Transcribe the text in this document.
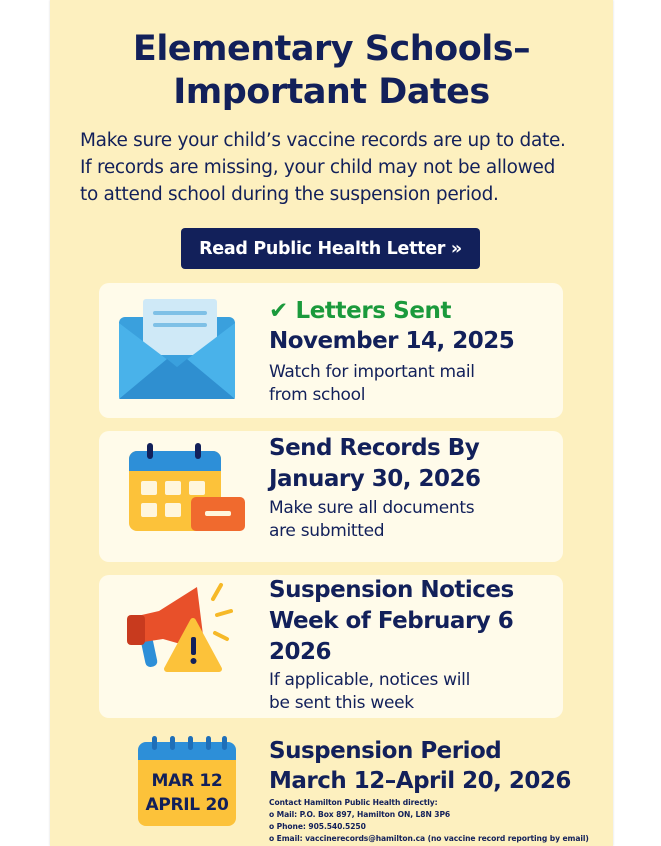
Elementary Schools–
Important Dates
Make sure your child’s vaccine records are up to date.
If records are missing, your child may not be allowed
to attend school during the suspension period.
Read Public Health Letter »
✔ Letters Sent
November 14, 2025
Watch for important mail
from school
Send Records By
January 30, 2026
Make sure all documents
are submitted
Suspension Notices
Week of February 6
2026
If applicable, notices will
be sent this week
MAR 12
APRIL 20
Suspension Period
March 12–April 20, 2026
Contact Hamilton Public Health directly:
o Mail: P.O. Box 897, Hamilton ON, L8N 3P6
o Phone: 905.540.5250
o Email: vaccinerecords@hamilton.ca (no vaccine record reporting by email)
